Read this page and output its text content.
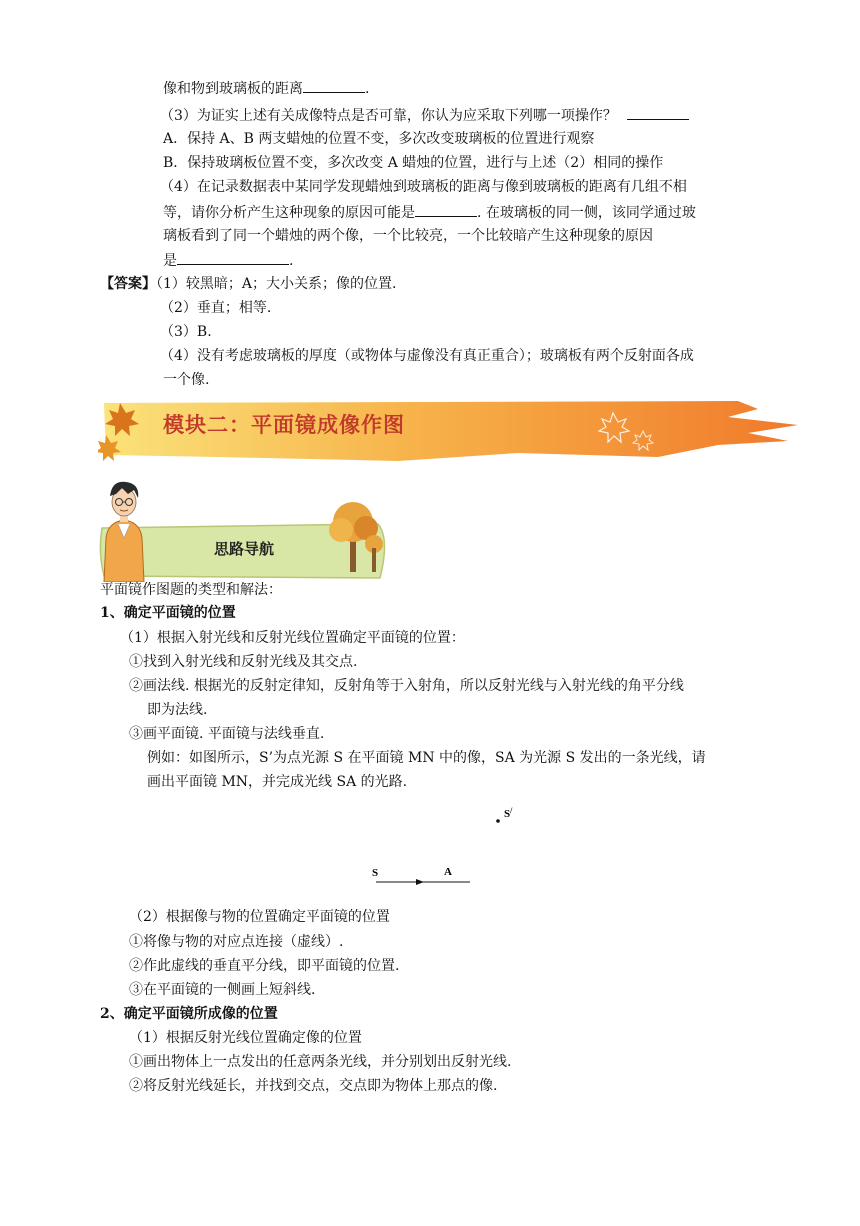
像和物到玻璃板的距离	.
（3）为证实上述有关成像特点是否可靠，你认为应采取下列哪一项操作？
A．保持 A、B 两支蜡烛的位置不变，多次改变玻璃板的位置进行观察
B．保持玻璃板位置不变，多次改变 A 蜡烛的位置，进行与上述（2）相同的操作
（4）在记录数据表中某同学发现蜡烛到玻璃板的距离与像到玻璃板的距离有几组不相
等，请你分析产生这种现象的原因可能是	. 在玻璃板的同一侧，该同学通过玻
璃板看到了同一个蜡烛的两个像，一个比较亮，一个比较暗产生这种现象的原因
是	.
【答案】（1）较黑暗；A；大小关系；像的位置.
（2）垂直；相等.
（3）B.
（4）没有考虑玻璃板的厚度（或物体与虚像没有真正重合）；玻璃板有两个反射面各成
一个像.
模块二：平面镜成像作图
思路导航
平面镜作图题的类型和解法：
1、确定平面镜的位置
（1）根据入射光线和反射光线位置确定平面镜的位置：
①找到入射光线和反射光线及其交点.
②画法线. 根据光的反射定律知，反射角等于入射角，所以反射光线与入射光线的角平分线
即为法线.
③画平面镜. 平面镜与法线垂直.
例如：如图所示，S’为点光源 S 在平面镜 MN 中的像，SA 为光源 S 发出的一条光线，请
画出平面镜 MN，并完成光线 SA 的光路.
S/
S	A
（2）根据像与物的位置确定平面镜的位置
①将像与物的对应点连接（虚线）.
②作此虚线的垂直平分线，即平面镜的位置.
③在平面镜的一侧画上短斜线.
2、确定平面镜所成像的位置
（1）根据反射光线位置确定像的位置
①画出物体上一点发出的任意两条光线，并分别划出反射光线.
②将反射光线延长，并找到交点，交点即为物体上那点的像.
